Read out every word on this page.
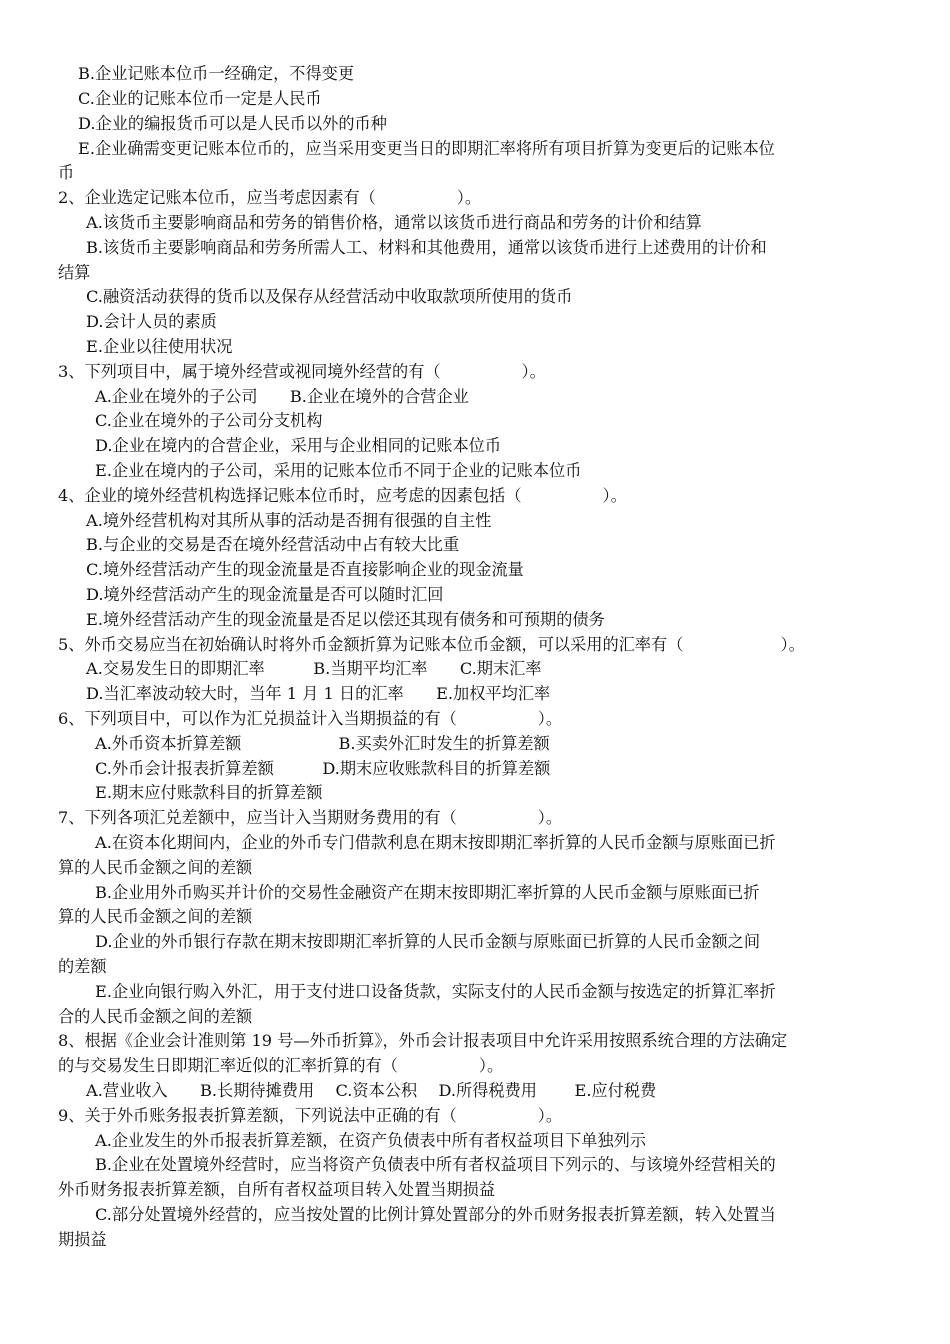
B.企业记账本位币一经确定，不得变更
C.企业的记账本位币一定是人民币
D.企业的编报货币可以是人民币以外的币种
E.企业确需变更记账本位币的，应当采用变更当日的即期汇率将所有项目折算为变更后的记账本位
币
2、企业选定记账本位币，应当考虑因素有（　　　　　）。
A.该货币主要影响商品和劳务的销售价格，通常以该货币进行商品和劳务的计价和结算
B.该货币主要影响商品和劳务所需人工、材料和其他费用，通常以该货币进行上述费用的计价和
结算
C.融资活动获得的货币以及保存从经营活动中收取款项所使用的货币
D.会计人员的素质
E.企业以往使用状况
3、下列项目中，属于境外经营或视同境外经营的有（　　　　　）。
A.企业在境外的子公司　　B.企业在境外的合营企业
C.企业在境外的子公司分支机构
D.企业在境内的合营企业，采用与企业相同的记账本位币
E.企业在境内的子公司，采用的记账本位币不同于企业的记账本位币
4、企业的境外经营机构选择记账本位币时，应考虑的因素包括（　　　　　）。
A.境外经营机构对其所从事的活动是否拥有很强的自主性
B.与企业的交易是否在境外经营活动中占有较大比重
C.境外经营活动产生的现金流量是否直接影响企业的现金流量
D.境外经营活动产生的现金流量是否可以随时汇回
E.境外经营活动产生的现金流量是否足以偿还其现有债务和可预期的债务
5、外币交易应当在初始确认时将外币金额折算为记账本位币金额，可以采用的汇率有（　　　　　　）。
A.交易发生日的即期汇率　　　B.当期平均汇率　　C.期末汇率
D.当汇率波动较大时，当年 1 月 1 日的汇率　　E.加权平均汇率
6、下列项目中，可以作为汇兑损益计入当期损益的有（　　　　　）。
A.外币资本折算差额　　　　　　B.买卖外汇时发生的折算差额
C.外币会计报表折算差额　　　D.期末应收账款科目的折算差额
E.期末应付账款科目的折算差额
7、下列各项汇兑差额中，应当计入当期财务费用的有（　　　　　）。
A.在资本化期间内，企业的外币专门借款利息在期末按即期汇率折算的人民币金额与原账面已折
算的人民币金额之间的差额
B.企业用外币购买并计价的交易性金融资产在期末按即期汇率折算的人民币金额与原账面已折
算的人民币金额之间的差额
D.企业的外币银行存款在期末按即期汇率折算的人民币金额与原账面已折算的人民币金额之间
的差额
E.企业向银行购入外汇，用于支付进口设备货款，实际支付的人民币金额与按选定的折算汇率折
合的人民币金额之间的差额
8、根据《企业会计准则第 19 号—外币折算》，外币会计报表项目中允许采用按照系统合理的方法确定
的与交易发生日即期汇率近似的汇率折算的有（　　　　　）。
A.营业收入　　B.长期待摊费用　 C.资本公积　 D.所得税费用　　 E.应付税费
9、关于外币账务报表折算差额，下列说法中正确的有（　　　　　）。
A.企业发生的外币报表折算差额，在资产负债表中所有者权益项目下单独列示
B.企业在处置境外经营时，应当将资产负债表中所有者权益项目下列示的、与该境外经营相关的
外币财务报表折算差额，自所有者权益项目转入处置当期损益
C.部分处置境外经营的，应当按处置的比例计算处置部分的外币财务报表折算差额，转入处置当
期损益
